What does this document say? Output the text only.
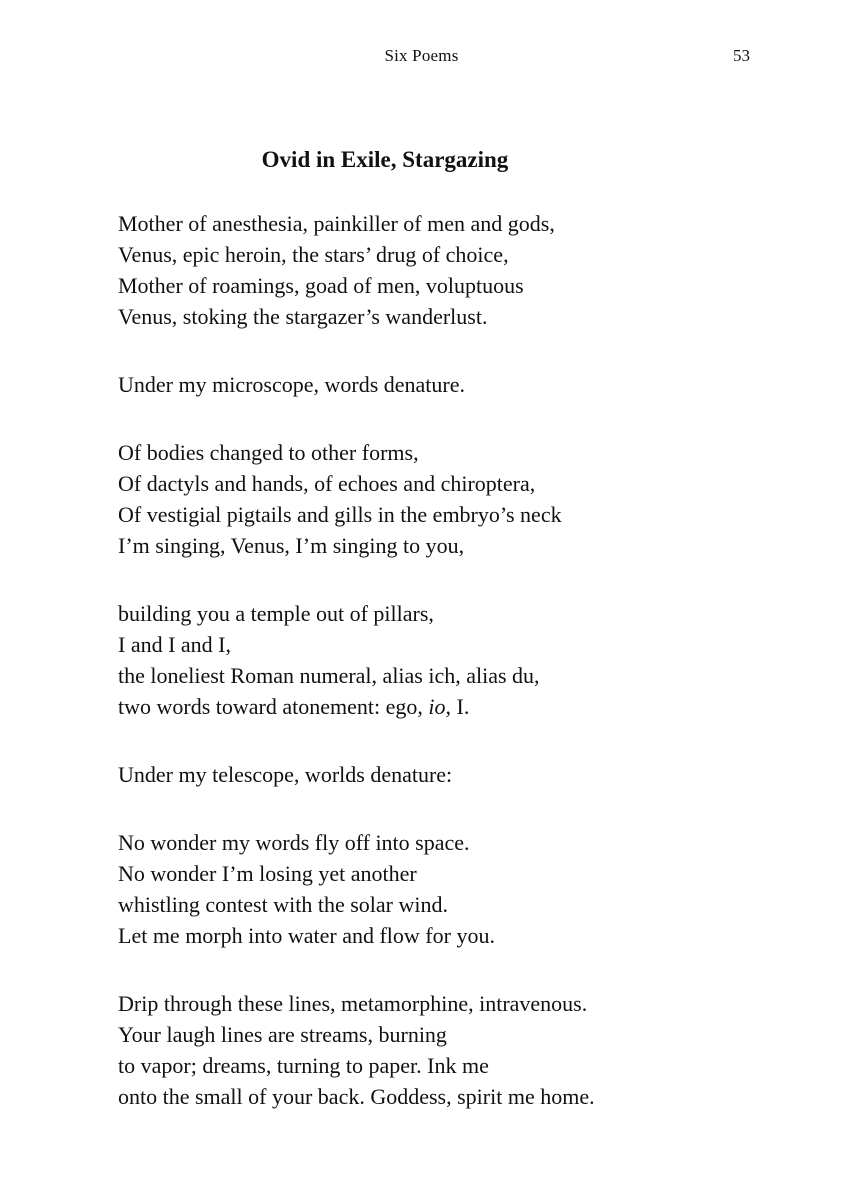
Six Poems	53
Ovid in Exile, Stargazing
Mother of anesthesia, painkiller of men and gods,
Venus, epic heroin, the stars’ drug of choice,
Mother of roamings, goad of men, voluptuous
Venus, stoking the stargazer’s wanderlust.
Under my microscope, words denature.
Of bodies changed to other forms,
Of dactyls and hands, of echoes and chiroptera,
Of vestigial pigtails and gills in the embryo’s neck
I’m singing, Venus, I’m singing to you,
building you a temple out of pillars,
I and I and I,
the loneliest Roman numeral, alias ich, alias du,
two words toward atonement: ego, io, I.
Under my telescope, worlds denature:
No wonder my words fly off into space.
No wonder I’m losing yet another
whistling contest with the solar wind.
Let me morph into water and flow for you.
Drip through these lines, metamorphine, intravenous.
Your laugh lines are streams, burning
to vapor; dreams, turning to paper. Ink me
onto the small of your back. Goddess, spirit me home.
